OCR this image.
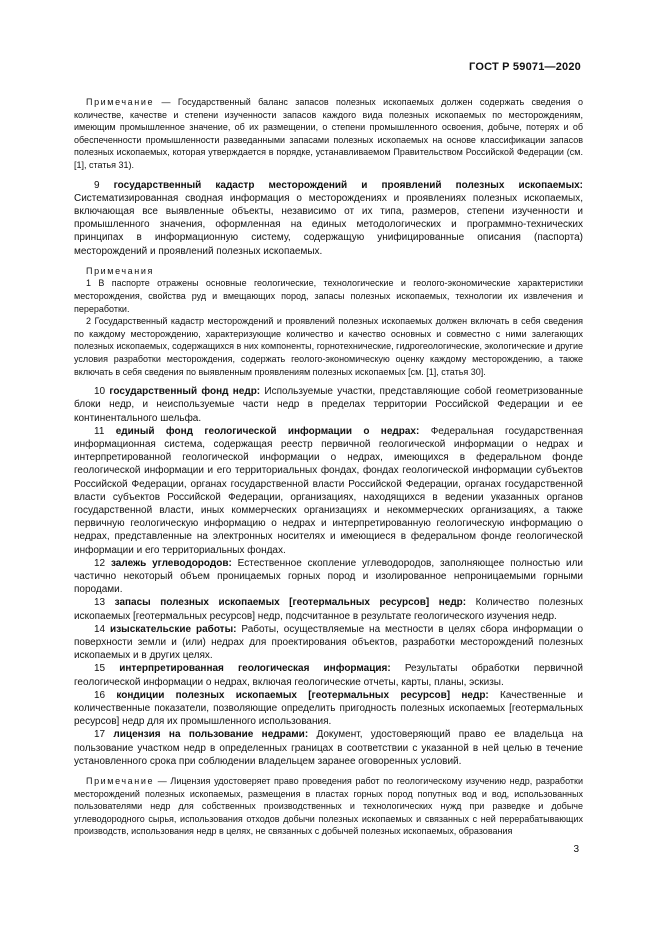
ГОСТ Р 59071—2020

Примечание — Государственный баланс запасов полезных ископаемых должен содержать сведения о количестве, качестве и степени изученности запасов каждого вида полезных ископаемых по месторождениям, имеющим промышленное значение, об их размещении, о степени промышленного освоения, добыче, потерях и об обеспеченности промышленности разведанными запасами полезных ископаемых на основе классификации запасов полезных ископаемых, которая утверждается в порядке, устанавливаемом Правительством Российской Федерации (см. [1], статья 31).

9 государственный кадастр месторождений и проявлений полезных ископаемых: Систематизированная сводная информация о месторождениях и проявлениях полезных ископаемых, включающая все выявленные объекты, независимо от их типа, размеров, степени изученности и промышленного значения, оформленная на единых методологических и программно-технических принципах в информационную систему, содержащую унифицированные описания (паспорта) месторождений и проявлений полезных ископаемых.

Примечания

1 В паспорте отражены основные геологические, технологические и геолого-экономические характеристики месторождения, свойства руд и вмещающих пород, запасы полезных ископаемых, технологии их извлечения и переработки.

2 Государственный кадастр месторождений и проявлений полезных ископаемых должен включать в себя сведения по каждому месторождению, характеризующие количество и качество основных и совместно с ними залегающих полезных ископаемых, содержащихся в них компоненты, горнотехнические, гидрогеологические, экологические и другие условия разработки месторождения, содержать геолого-экономическую оценку каждому месторождению, а также включать в себя сведения по выявленным проявлениям полезных ископаемых [см. [1], статья 30].

10 государственный фонд недр: Используемые участки, представляющие собой геометризованные блоки недр, и неиспользуемые части недр в пределах территории Российской Федерации и ее континентального шельфа.

11 единый фонд геологической информации о недрах: Федеральная государственная информационная система, содержащая реестр первичной геологической информации о недрах и интерпретированной геологической информации о недрах, имеющихся в федеральном фонде геологической информации и его территориальных фондах, фондах геологической информации субъектов Российской Федерации, органах государственной власти Российской Федерации, органах государственной власти субъектов Российской Федерации, организациях, находящихся в ведении указанных органов государственной власти, иных коммерческих организациях и некоммерческих организациях, а также первичную геологическую информацию о недрах и интерпретированную геологическую информацию о недрах, представленные на электронных носителях и имеющиеся в федеральном фонде геологической информации и его территориальных фондах.

12 залежь углеводородов: Естественное скопление углеводородов, заполняющее полностью или частично некоторый объем проницаемых горных пород и изолированное непроницаемыми горными породами.

13 запасы полезных ископаемых [геотермальных ресурсов] недр: Количество полезных ископаемых [геотермальных ресурсов] недр, подсчитанное в результате геологического изучения недр.

14 изыскательские работы: Работы, осуществляемые на местности в целях сбора информации о поверхности земли и (или) недрах для проектирования объектов, разработки месторождений полезных ископаемых и в других целях.

15 интерпретированная геологическая информация: Результаты обработки первичной геологической информации о недрах, включая геологические отчеты, карты, планы, эскизы.

16 кондиции полезных ископаемых [геотермальных ресурсов] недр: Качественные и количественные показатели, позволяющие определить пригодность полезных ископаемых [геотермальных ресурсов] недр для их промышленного использования.

17 лицензия на пользование недрами: Документ, удостоверяющий право ее владельца на пользование участком недр в определенных границах в соответствии с указанной в ней целью в течение установленного срока при соблюдении владельцем заранее оговоренных условий.

Примечание — Лицензия удостоверяет право проведения работ по геологическому изучению недр, разработки месторождений полезных ископаемых, размещения в пластах горных пород попутных вод и вод, использованных пользователями недр для собственных производственных и технологических нужд при разведке и добыче углеводородного сырья, использования отходов добычи полезных ископаемых и связанных с ней перерабатывающих производств, использования недр в целях, не связанных с добычей полезных ископаемых, образования

3
